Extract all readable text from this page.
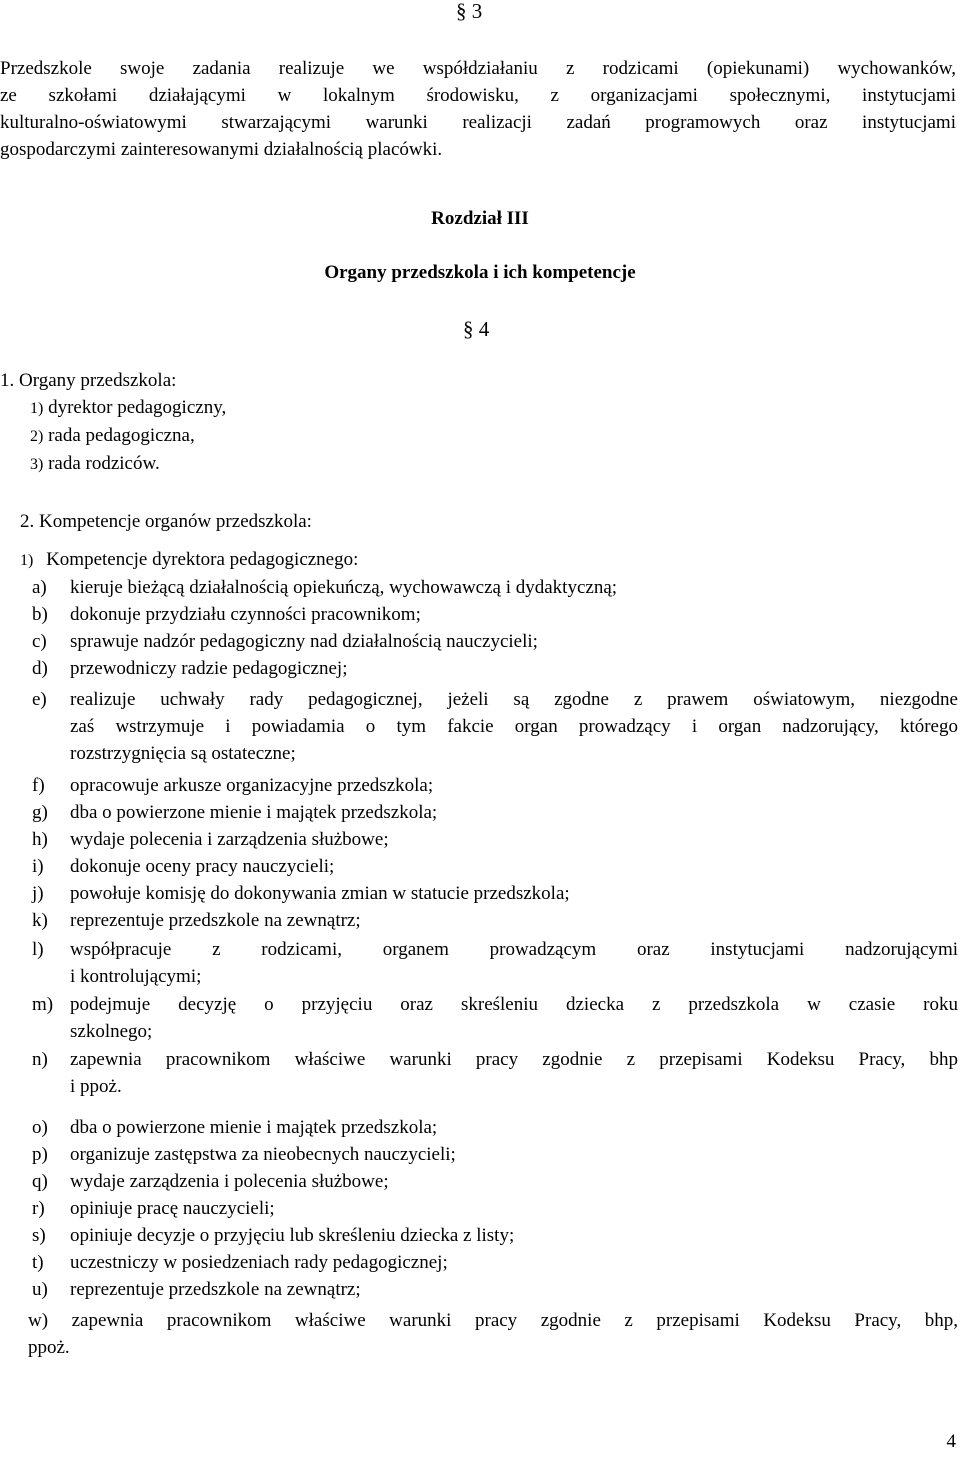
§ 3
Przedszkole swoje zadania realizuje we współdziałaniu z rodzicami (opiekunami) wychowanków,
ze szkołami działającymi w lokalnym środowisku, z organizacjami społecznymi, instytucjami
kulturalno-oświatowymi stwarzającymi warunki realizacji zadań programowych oraz instytucjami
gospodarczymi zainteresowanymi działalnością placówki.
Rozdział III
Organy przedszkola i ich kompetencje
§ 4
1. Organy przedszkola:
1) dyrektor pedagogiczny,
2) rada pedagogiczna,
3) rada rodziców.
2. Kompetencje organów przedszkola:
1) Kompetencje dyrektora pedagogicznego:
a) kieruje bieżącą działalnością opiekuńczą, wychowawczą i dydaktyczną;
b) dokonuje przydziału czynności pracownikom;
c) sprawuje nadzór pedagogiczny nad działalnością nauczycieli;
d) przewodniczy radzie pedagogicznej;
e) realizuje uchwały rady pedagogicznej, jeżeli są zgodne z prawem oświatowym, niezgodne
zaś wstrzymuje i powiadamia o tym fakcie organ prowadzący i organ nadzorujący, którego
rozstrzygnięcia są ostateczne;
f) opracowuje arkusze organizacyjne przedszkola;
g) dba o powierzone mienie i majątek przedszkola;
h) wydaje polecenia i zarządzenia służbowe;
i) dokonuje oceny pracy nauczycieli;
j) powołuje komisję do dokonywania zmian w statucie przedszkola;
k) reprezentuje przedszkole na zewnątrz;
l) współpracuje z rodzicami, organem prowadzącym oraz instytucjami nadzorującymi
i kontrolującymi;
m) podejmuje decyzję o przyjęciu oraz skreśleniu dziecka z przedszkola w czasie roku
szkolnego;
n) zapewnia pracownikom właściwe warunki pracy zgodnie z przepisami Kodeksu Pracy, bhp
i ppoż.
o) dba o powierzone mienie i majątek przedszkola;
p) organizuje zastępstwa za nieobecnych nauczycieli;
q) wydaje zarządzenia i polecenia służbowe;
r) opiniuje pracę nauczycieli;
s) opiniuje decyzje o przyjęciu lub skreśleniu dziecka z listy;
t) uczestniczy w posiedzeniach rady pedagogicznej;
u) reprezentuje przedszkole na zewnątrz;
w) zapewnia pracownikom właściwe warunki pracy zgodnie z przepisami Kodeksu Pracy, bhp,
ppoż.
4
